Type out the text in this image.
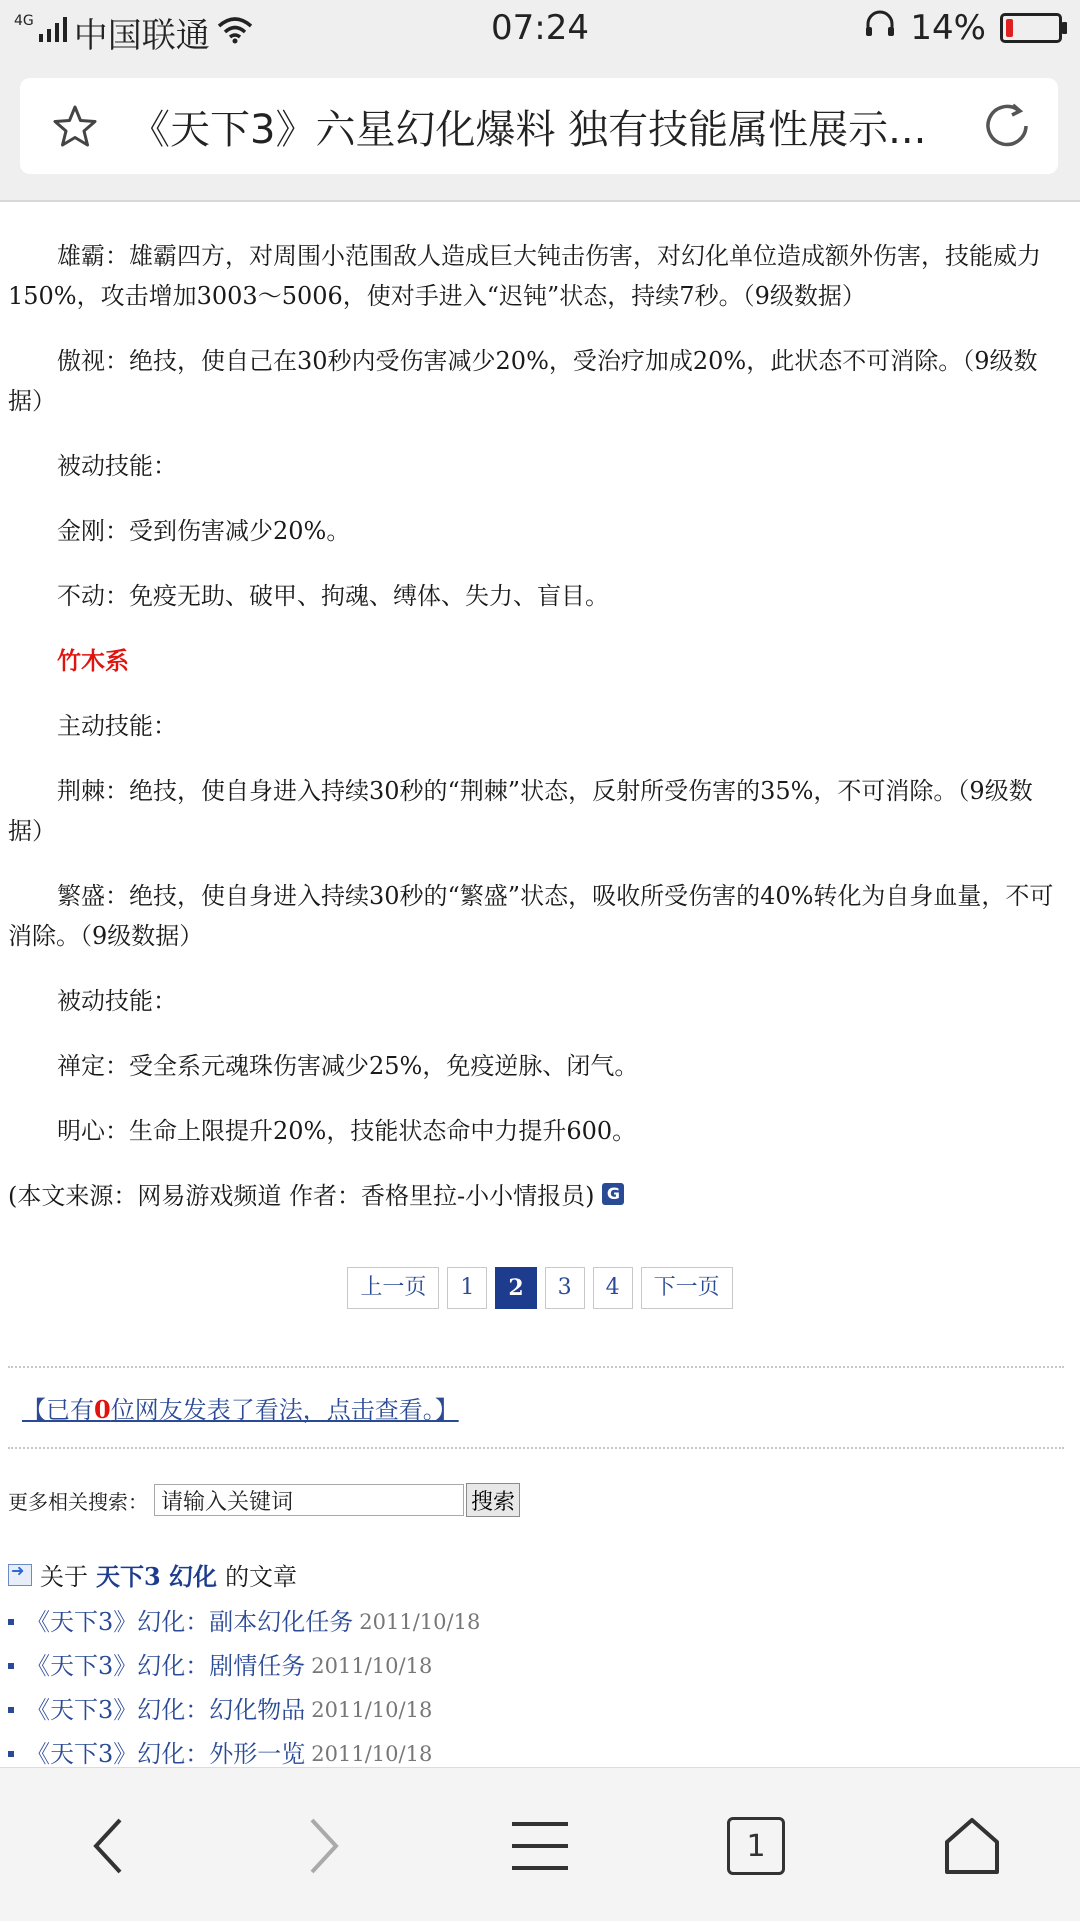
4G 中国联通	07:24	14%
《天下3》六星幻化爆料 独有技能属性展示...

雄霸：雄霸四方，对周围小范围敌人造成巨大钝击伤害，对幻化单位造成额外伤害，技能威力150%，攻击增加3003～5006，使对手进入“迟钝”状态，持续7秒。（9级数据）

傲视：绝技，使自己在30秒内受伤害减少20%，受治疗加成20%，此状态不可消除。（9级数据）

被动技能：

金刚：受到伤害减少20%。

不动：免疫无助、破甲、拘魂、缚体、失力、盲目。

竹木系

主动技能：

荆棘：绝技，使自身进入持续30秒的“荆棘”状态，反射所受伤害的35%，不可消除。（9级数据）

繁盛：绝技，使自身进入持续30秒的“繁盛”状态，吸收所受伤害的40%转化为自身血量，不可消除。（9级数据）

被动技能：

禅定：受全系元魂珠伤害减少25%，免疫逆脉、闭气。

明心：生命上限提升20%，技能状态命中力提升600。

(本文来源：网易游戏频道 作者：香格里拉-小小情报员) G
上一页	1	2	3	4	下一页
【已有0位网友发表了看法，点击查看。】
更多相关搜索：
请输入关键词	搜索
➜
关于 天下3 幻化 的文章
《天下3》幻化：副本幻化任务 2011/10/18
《天下3》幻化：剧情任务 2011/10/18
《天下3》幻化：幻化物品 2011/10/18
《天下3》幻化：外形一览 2011/10/18
1
